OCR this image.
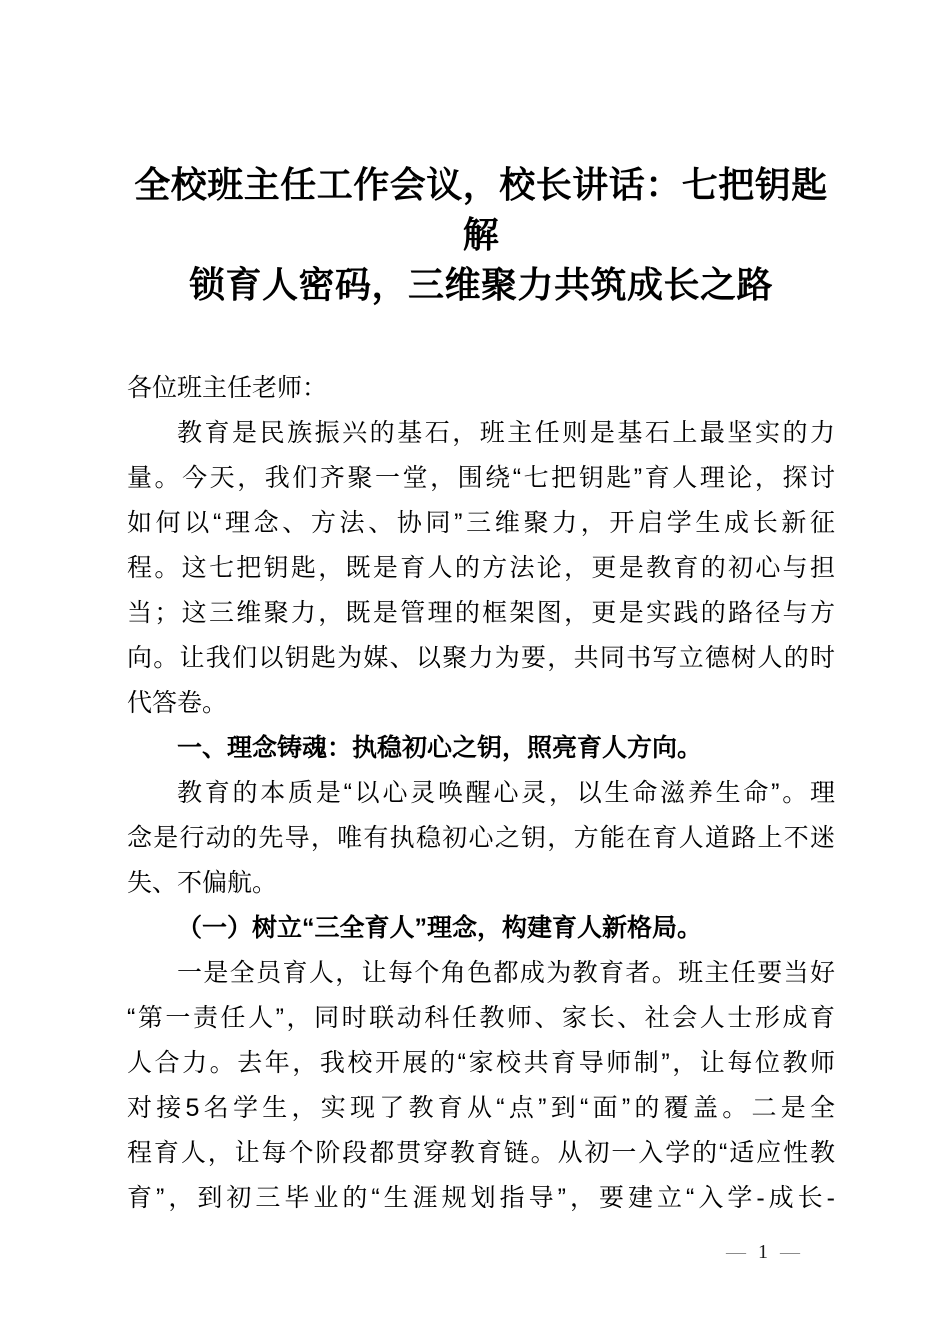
全校班主任工作会议，校长讲话：七把钥匙解
锁育人密码，三维聚力共筑成长之路
各位班主任老师：
教育是民族振兴的基石，班主任则是基石上最坚实的力
量。今天，我们齐聚一堂，围绕“七把钥匙”育人理论，探讨
如何以“理念、方法、协同”三维聚力，开启学生成长新征
程。这七把钥匙，既是育人的方法论，更是教育的初心与担
当；这三维聚力，既是管理的框架图，更是实践的路径与方
向。让我们以钥匙为媒、以聚力为要，共同书写立德树人的时
代答卷。
一、理念铸魂：执稳初心之钥，照亮育人方向。
教育的本质是“以心灵唤醒心灵，以生命滋养生命”。理
念是行动的先导，唯有执稳初心之钥，方能在育人道路上不迷
失、不偏航。
（一）树立“三全育人”理念，构建育人新格局。
一是全员育人，让每个角色都成为教育者。班主任要当好
“第一责任人”，同时联动科任教师、家长、社会人士形成育
人合力。去年，我校开展的“家校共育导师制”，让每位教师
对接5名学生，实现了教育从“点”到“面”的覆盖。二是全
程育人，让每个阶段都贯穿教育链。从初一入学的“适应性教
育”，到初三毕业的“生涯规划指导”，要建立“入学-成长-
— 1 —
